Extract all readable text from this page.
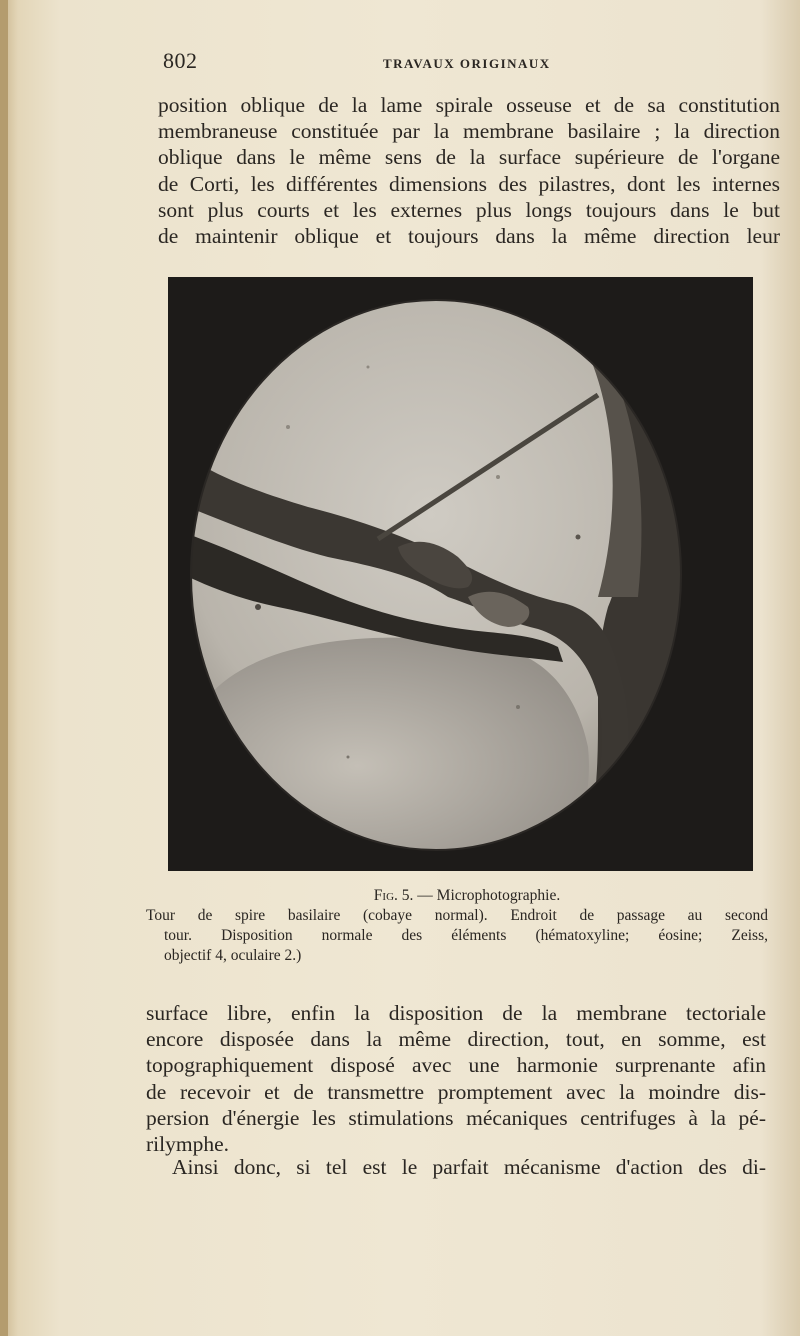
802	TRAVAUX ORIGINAUX
position oblique de la lame spirale osseuse et de sa constitution
membraneuse constituée par la membrane basilaire ; la direction
oblique dans le même sens de la surface supérieure de l'organe
de Corti, les différentes dimensions des pilastres, dont les internes
sont plus courts et les externes plus longs toujours dans le but
de maintenir oblique et toujours dans la même direction leur
Fig. 5. — Microphotographie.
Tour de spire basilaire (cobaye normal). Endroit de passage au second
tour. Disposition normale des éléments (hématoxyline; éosine; Zeiss,
objectif 4, oculaire 2.)
surface libre, enfin la disposition de la membrane tectoriale
encore disposée dans la même direction, tout, en somme, est
topographiquement disposé avec une harmonie surprenante afin
de recevoir et de transmettre promptement avec la moindre dis-
persion d'énergie les stimulations mécaniques centrifuges à la pé-
rilymphe.
Ainsi donc, si tel est le parfait mécanisme d'action des di-
